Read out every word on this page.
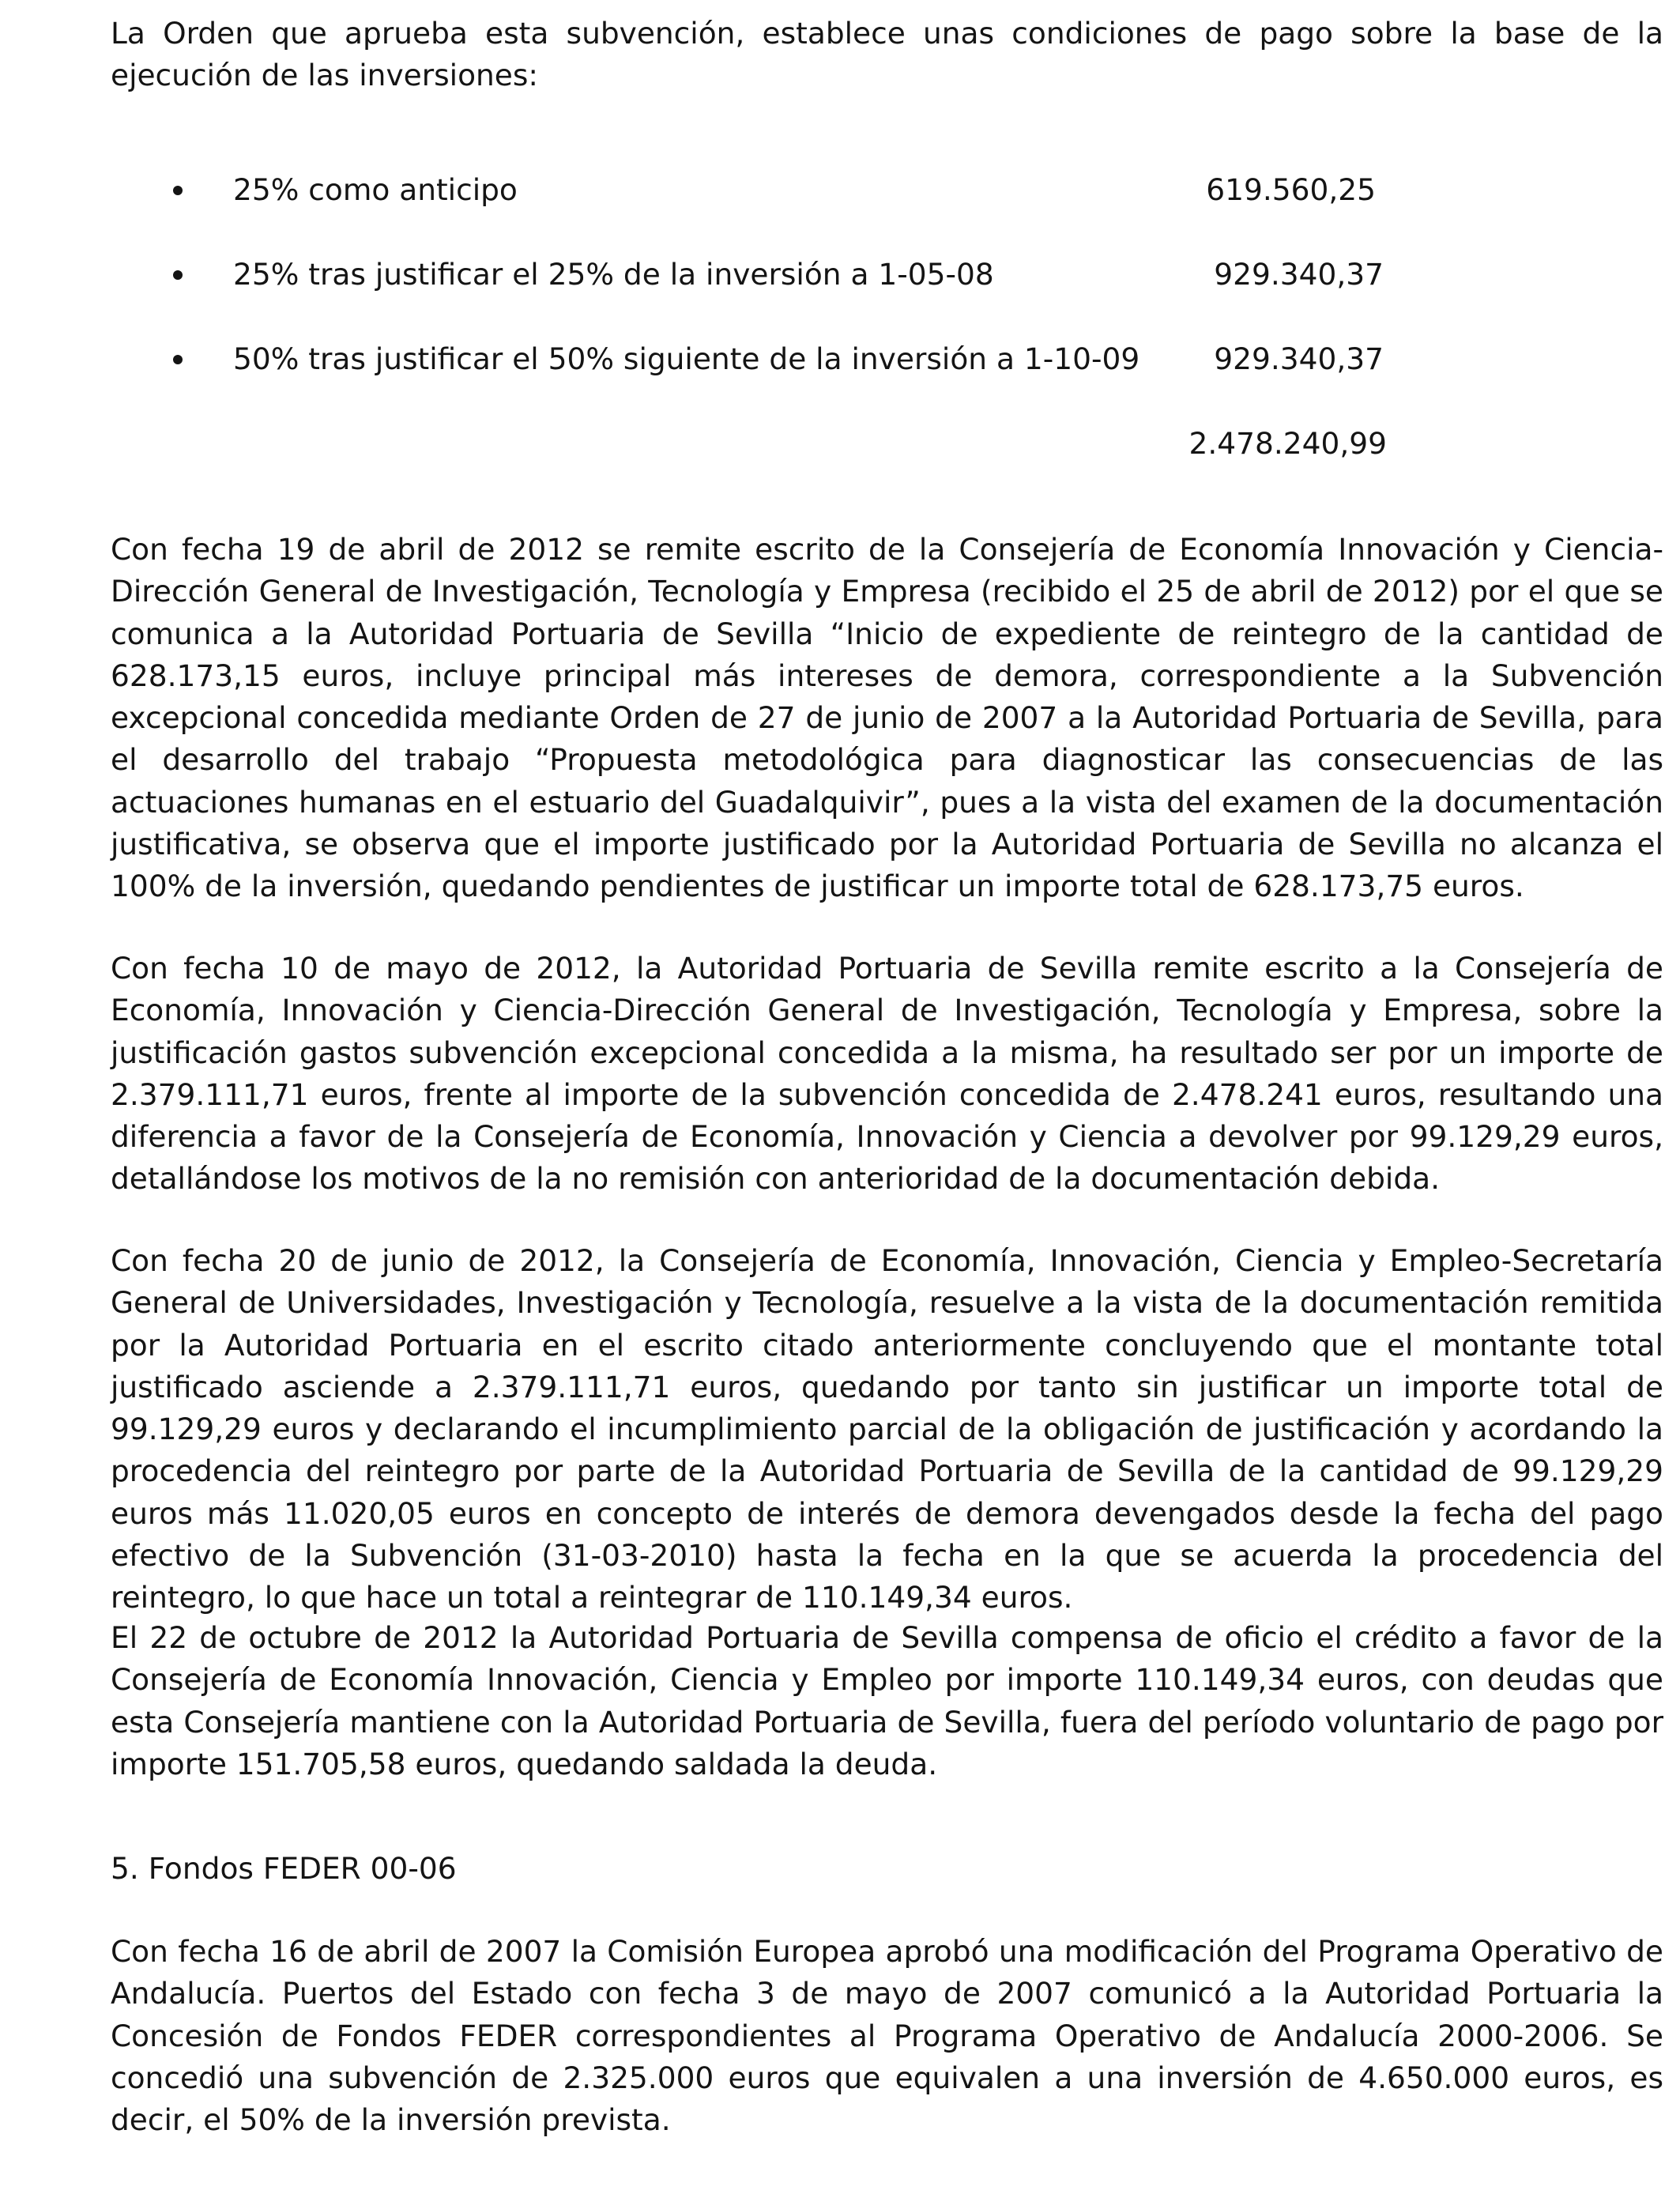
La Orden que aprueba esta subvención, establece unas condiciones de pago sobre la base de la ejecución de las inversiones:

25% como anticipo	619.560,25
25% tras justificar el 25% de la inversión a 1-05-08	929.340,37
50% tras justificar el 50% siguiente de la inversión a 1-10-09	929.340,37
2.478.240,99

Con fecha 19 de abril de 2012 se remite escrito de la Consejería de Economía Innovación y Ciencia-Dirección General de Investigación, Tecnología y Empresa (recibido el 25 de abril de 2012) por el que se comunica a la Autoridad Portuaria de Sevilla “Inicio de expediente de reintegro de la cantidad de 628.173,15 euros, incluye principal más intereses de demora, correspondiente a la Subvención excepcional concedida mediante Orden de 27 de junio de 2007 a la Autoridad Portuaria de Sevilla, para el desarrollo del trabajo “Propuesta metodológica para diagnosticar las consecuencias de las actuaciones humanas en el estuario del Guadalquivir”, pues a la vista del examen de la documentación justificativa, se observa que el importe justificado por la Autoridad Portuaria de Sevilla no alcanza el 100% de la inversión, quedando pendientes de justificar un importe total de 628.173,75 euros.

Con fecha 10 de mayo de 2012, la Autoridad Portuaria de Sevilla remite escrito a la Consejería de Economía, Innovación y Ciencia-Dirección General de Investigación, Tecnología y Empresa, sobre la justificación gastos subvención excepcional concedida a la misma, ha resultado ser por un importe de 2.379.111,71 euros, frente al importe de la subvención concedida de 2.478.241 euros, resultando una diferencia a favor de la Consejería de Economía, Innovación y Ciencia a devolver por 99.129,29 euros, detallándose los motivos de la no remisión con anterioridad de la documentación debida.

Con fecha 20 de junio de 2012, la Consejería de Economía, Innovación, Ciencia y Empleo-Secretaría General de Universidades, Investigación y Tecnología, resuelve a la vista de la documentación remitida por la Autoridad Portuaria en el escrito citado anteriormente concluyendo que el montante total justificado asciende a 2.379.111,71 euros, quedando por tanto sin justificar un importe total de 99.129,29 euros y declarando el incumplimiento parcial de la obligación de justificación y acordando la procedencia del reintegro por parte de la Autoridad Portuaria de Sevilla de la cantidad de 99.129,29 euros más 11.020,05 euros en concepto de interés de demora devengados desde la fecha del pago efectivo de la Subvención (31-03-2010) hasta la fecha en la que se acuerda la procedencia del reintegro, lo que hace un total a reintegrar de 110.149,34 euros.

El 22 de octubre de 2012 la Autoridad Portuaria de Sevilla compensa de oficio el crédito a favor de la Consejería de Economía Innovación, Ciencia y Empleo por importe 110.149,34 euros, con deudas que esta Consejería mantiene con la Autoridad Portuaria de Sevilla, fuera del período voluntario de pago por importe 151.705,58 euros, quedando saldada la deuda.

5. Fondos FEDER 00-06

Con fecha 16 de abril de 2007 la Comisión Europea aprobó una modificación del Programa Operativo de Andalucía. Puertos del Estado con fecha 3 de mayo de 2007 comunicó a la Autoridad Portuaria la Concesión de Fondos FEDER correspondientes al Programa Operativo de Andalucía 2000-2006. Se concedió una subvención de 2.325.000 euros que equivalen a una inversión de 4.650.000 euros, es decir, el 50% de la inversión prevista.
